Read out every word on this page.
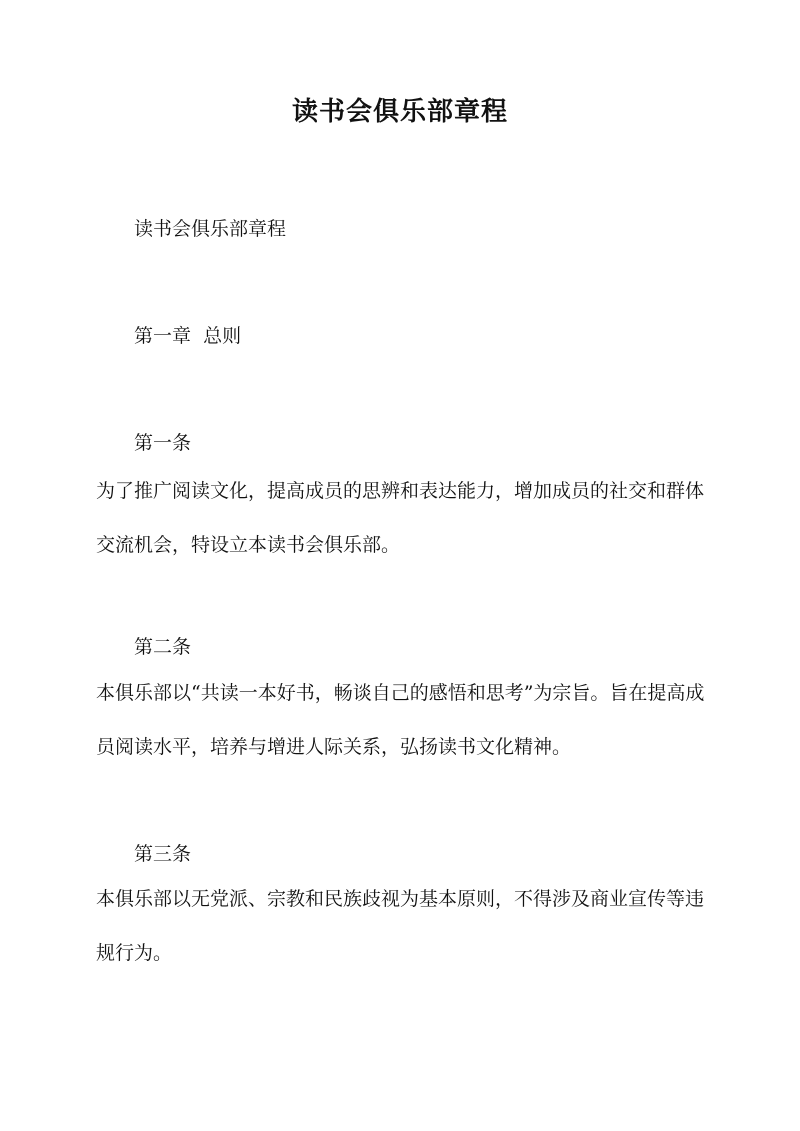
读书会俱乐部章程

读书会俱乐部章程

第一章  总则

第一条

为了推广阅读文化，提高成员的思辨和表达能力，增加成员的社交和群体交流机会，特设立本读书会俱乐部。

第二条

本俱乐部以“共读一本好书，畅谈自己的感悟和思考”为宗旨。旨在提高成员阅读水平，培养与增进人际关系，弘扬读书文化精神。

第三条

本俱乐部以无党派、宗教和民族歧视为基本原则，不得涉及商业宣传等违规行为。
